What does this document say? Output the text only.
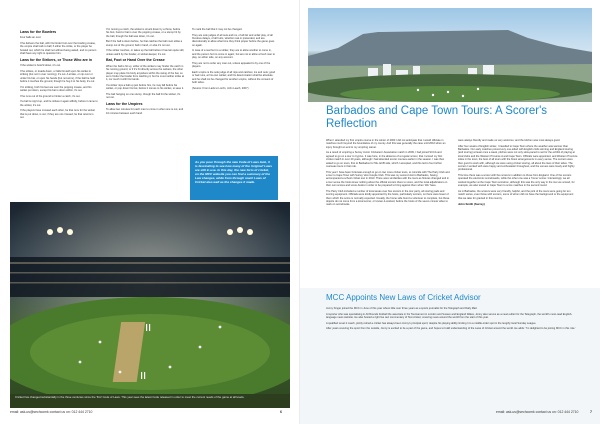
Laws for the Bowlers

Four balls an over.

If he delivers the ball, with his hinder foot over the bowling crease, the umpire shall call no ball; if either the strike, or the player be bowled out, which he shall not without being asked, and no person shall have any right to question him.

Laws for the Strikers, or Those Who are in

If the wicket is bowl'd down, it's out.

If he strikes, or treads down, or falls himself upon his wicket in striking (but not in over running), it's out. A stroke, or nip over or under his bat, or upon his hands (but not arms), if the ball be held before it touches the ground, though he hug it to his body, it's out.

If in striking, both his feet are over the popping crease, and his wicket put down, except his bat is down within, it's out.

If he runs out of his ground to hinder a catch, it's out.

If a ball is nipp'd up, and he strikes it again wilfully, before it came to the wicket, it's out.

If the players have crossed each other, he that runs for the wicket that is put down, is out; if they are not crossed, he that returns is out.

If in running a notch, the wicket is struck down by a throw, before his foot, hand or bat is over the popping crease, or a stump hit by the ball, though the ball was down, it's out.

But if the ball is down before, he that catches the ball must strike a stump out of the ground, ball in hand, or else it's not out.

If the striker touches, or takes up the ball before it has lain quite still, unless ask'd by the bowler, or wicket-keeper, it's out.

Bat, Foot or Hand Over the Crease

When the ball is hit up, either of the strikers may hinder the catch in his running ground, or if it's hit directly across the wickets, the other player may place his body anywhere within the swing of the bat, so as to hinder the bowler from catching it; but he must neither strike at it, nor touch it with his hands.

If a striker nips a ball up just before him, he may fall before his wicket, or pop down his bat, before it comes to his wicket, to save it.

The bail hanging on one stump, though the ball hit the wicket, it's not out.

Laws for the Umpires

To allow two minutes for each man to come in when one is out, and 10 minutes between each hand.

To mark the ball that it may not be changed.

They are sole judges of all outs and ins, of all fair and unfair play, of all frivolous delays, of all hurts, whether real or pretended, and are discretionally to allow what time they think proper before the game goes on again.

In case of a real hurt to a striker, they are to allow another to come in, and the person hurt to come in again; but are not to allow a fresh man to play, on either side, on any account.

They are not to order any man out, unless appealed to by one of the players.

Each umpire is the sole judge of all nips and catches; ins and outs; good or bad runs, at his own wicket; and his determination shall be absolute; and he shall not be changed for another umpire, without the consent of both sides.

(Source: From Lads to Lord's, John Leach, 2007)

As you pour through the new Code of Laws look, it is fascinating to see how many of the 'original' Laws are still in use. In this day, the new form of cricket, on the MCC website you can find a summary of the Law changes, while from through reach Laws of Cricket also well as the changes it made.
Cricket has changed substantially in the three centuries since the 'first' Code of Laws. This year sees the latest Code released in order to meet the current needs of the game at all levels.
email: ask-us@sechcomk contact us on: 012 444 2710	6
Barbados and Cape Town Tours: A Scorer's Reflection

When I attended my first umpire course in the winter of 2003 I did not anticipate that I would officiate in matches much beyond the boundaries of my county. And this was generally the case until 2010 when an injury brought an end to my umpiring career.

As a result of umpiring a Surrey Junior Cricketers' Association match in 2009, I had joined SCCA and agreed to go on a tour to Cyprus. It was here, in the absence of a regular scorer, that I scored my first cricket match in over 40 years, although I had attended scorer courses earlier in the season. I was then asked to go on tours, first to Barbados for 50+ ECB side, which I accepted, and this led to four further overseas tours in that role.

This year I have been fortunate enough to go on two more cricket tours, to coincide with The Party Club and a tour to Cape Town with Surrey Vets Couple Club. This was my second visit to Barbados, having accompanied a school cricket tour in 2013. There were similarities with the tours as fixtures changed and in a tour sense the hosts knew nothing about the official scorers there to score, and the local adjudicators on their own scores and score-books in order to be prepared to bring against them when 'We' have.

The Party Club included a number of local areas over five scorers in the tour party, all scoring pads and scoring equipment. Officials were kindly appointed by the hosts, particularly scorers, so there were fewer of them which the score is normally expected. Usually, the home side found a volunteer to complete, but these objects do not come from a local scorer, or known-it-worked, before the hosts of the seven-minute video to mark on scorebooks.

were always friendly and made us very welcome; and the kitchen was most always good.

After four weeks of English winter, I travelled to Cape Town where the weather was warmer than Barbados. Our early matches proved very one-sided with English clubs winning and England touring (and touring) at least once a week, pitches were not only slow-paced to set for the exhibit of playing at local clubs and the Western Province A and Cape Town. Officials were appointed, and Western Province sides in the town, the best of all tours with the finest arrangements in every sense. The scorers were then good to work with, although we were using cricket scoring, all about the lives of their sides. The scorers I worked with were happy and enthusiastic throughout, and the venues were lovely and highly professional.

This time there was a scorer with five scorers in addition to those from England. One of the scorers operated the electronic scoreboards, while the other one was a 'home' scorer. Interestingly, we all worked together at the Cape Town scorebox, although this was the only way in the tour we scored, for example, we also toured to Cape Town to score matches in the second round.

As in Barbados, the scorers were very friendly, helpful, and the pick of the tours were going for ten match series, even those with scorers, some of whom did not have the background or the equipment that we take for granted in this country.

John Smith (Surrey)

MCC Appoints New Laws of Cricket Advisor

Jonny Singer joined the MCC in June of this year where little over three years as a sports journalist for the Telegraph and Daily Mail.

A reporter who was specialising in All Rounds football the associate in his Tournament in London and Sussex and England Wales, Jonny also serves as a news editor for the Telegraph, the world's most-read English-language news website. He also hosted a right live text commentary of Test cricket, covering news around the world from the start of this year.

A qualified Level 2 coach, jointly retired a cricket has always been Jonny's principal sport; despite his playing ability limiting it to a middle-order spot in the lengthy local Sunday League.

After years covering the sport from the outside, Jonny is excited to be a part of the game, and hopes to build understanding of the Laws of Cricket around the world. He adds: 'I'm delighted to be joining MCC in this role.'

email: ask-us@sechcomk contact us on: 012 444 2710	7
